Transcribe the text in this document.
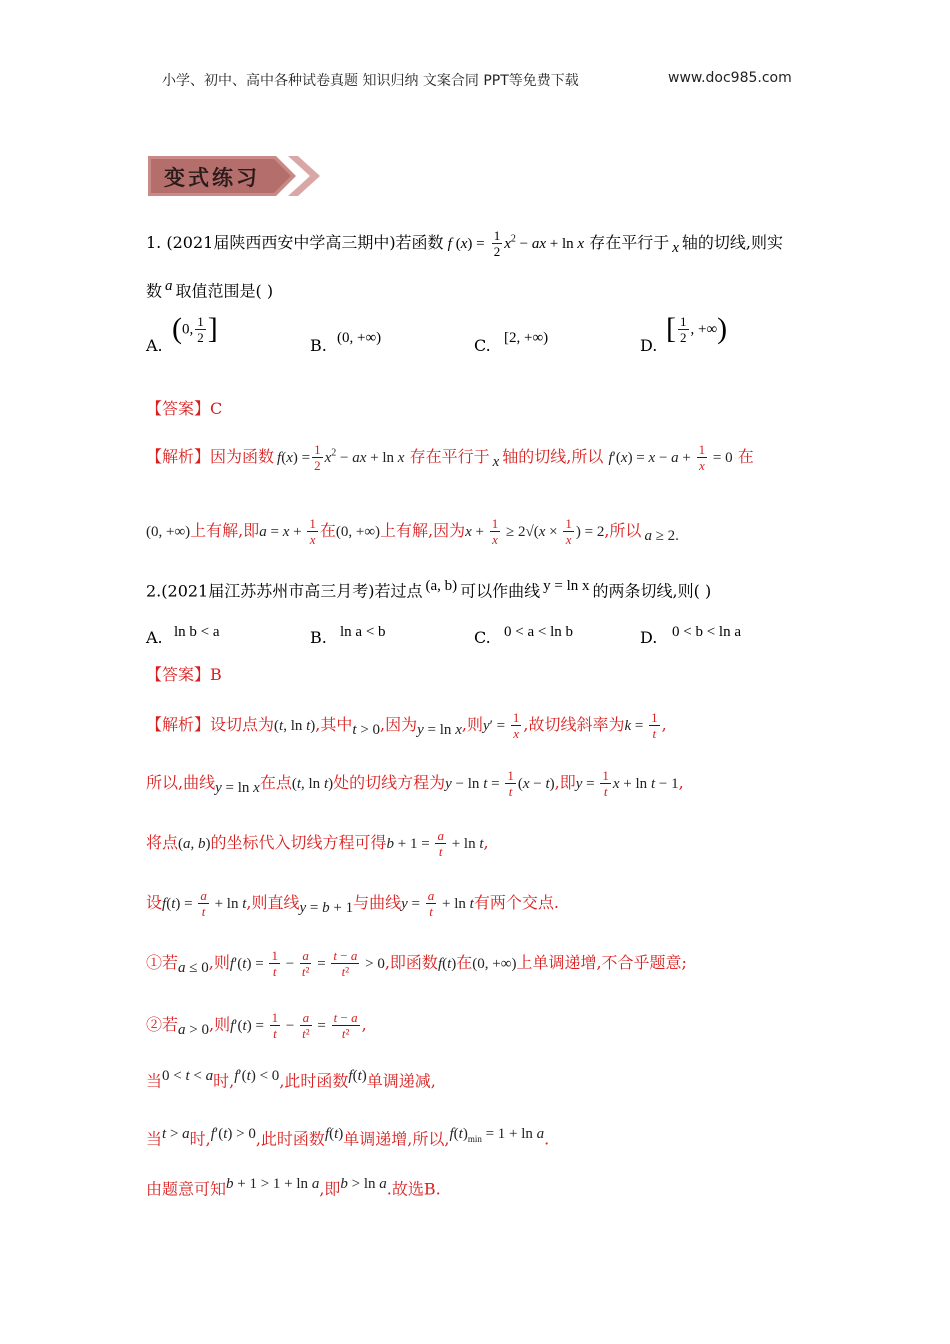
小学、初中、高中各种试卷真题 知识归纳 文案合同 PPT等免费下载	www.doc985.com
变式练习
1. (2021届陕西西安中学高三期中)若函数 f $(x) = \frac{1}{2} x^2$ − ax + ln x 存在平行于 $_x$ 轴的切线,则实
数 $^a$ 取值范围是( )
A.
(0, $\frac{1}{2}$ ]
B. (0, +∞)	C. [2, +∞)	D.
[ $\frac{1}{2}$ , +∞)
【答案】C
【解析】因为函数 $f(x) = \frac{1}{2} x^2$ − ax + ln x 存在平行于 $_x$ 轴的切线,所以 $f'(x) = x - a + \frac{1}{x} = 0$ 在
(0, +∞)上有解,即$a = x + \frac{1}{x}$ 在(0, +∞)上有解,因为$x + \frac{1}{x} \ge 2√(x \times \frac{1}{x}$ ) = 2,所以 $_a$ $_{\ge 2.}$
2.(2021届江苏苏州市高三月考)若过点 $^{(a, b)}$ 可以作曲线 $^{y = ln x}$ 的两条切线,则( )
A. ln b < a	B. ln a < b	C. 0 < a < ln b	D. 0 < b < ln a
【答案】B
【解析】设切点为(t, ln t),其中$_t$ $_{> 0}$,因为$_y$ $_{= ln}$ $_x$,则$y' = \frac{1}{x}$ ,故切线斜率为$k = \frac{1}{t}$ ,
所以,曲线$_y$ $_{= ln}$ $_x$在点(t, ln t)处的切线方程为$y - \ln t = \frac{1}{t} (x - t)$,即$y = \frac{1}{t}$ x + ln t − 1,
将点(a, b)的坐标代入切线方程可得$b + 1 = \frac{a}{t} + \ln t$,
设$f(t) = \frac{a}{t} + \ln t$,则直线$_y$ $_=$ $_b$ $_{+ 1}$与曲线$y = \frac{a}{t} + \ln t$有两个交点.
①若$_a$ $_{\le 0}$,则$f'(t) = \frac{1}{t} - \frac{a}{\text{t²}} = \frac{t - a}{\text{t²}} > 0$,即函数f(t)在(0, +∞)上单调递增,不合乎题意;
②若$_a$ $_{> 0}$,则$f'(t) = \frac{1}{t} - \frac{a}{\text{t²}} = \frac{t - a}{\text{t²}}$ ,
当$^{0 <}$ $^t$ < $^a$时,$^{f'(t) < 0}$,此时函数$^{f(t)}$单调递减,
当$^t$ > $^a$时,$^{f'(t) > 0}$,此时函数$^{f(t)}$单调递增,所以,$^{f(t)_{min} = 1 + ln}$ $^a$.
由题意可知$^b$ $^{+ 1 > 1 + ln}$ $^a$,即$^b$ $^{> ln}$ $^a$.故选B.
